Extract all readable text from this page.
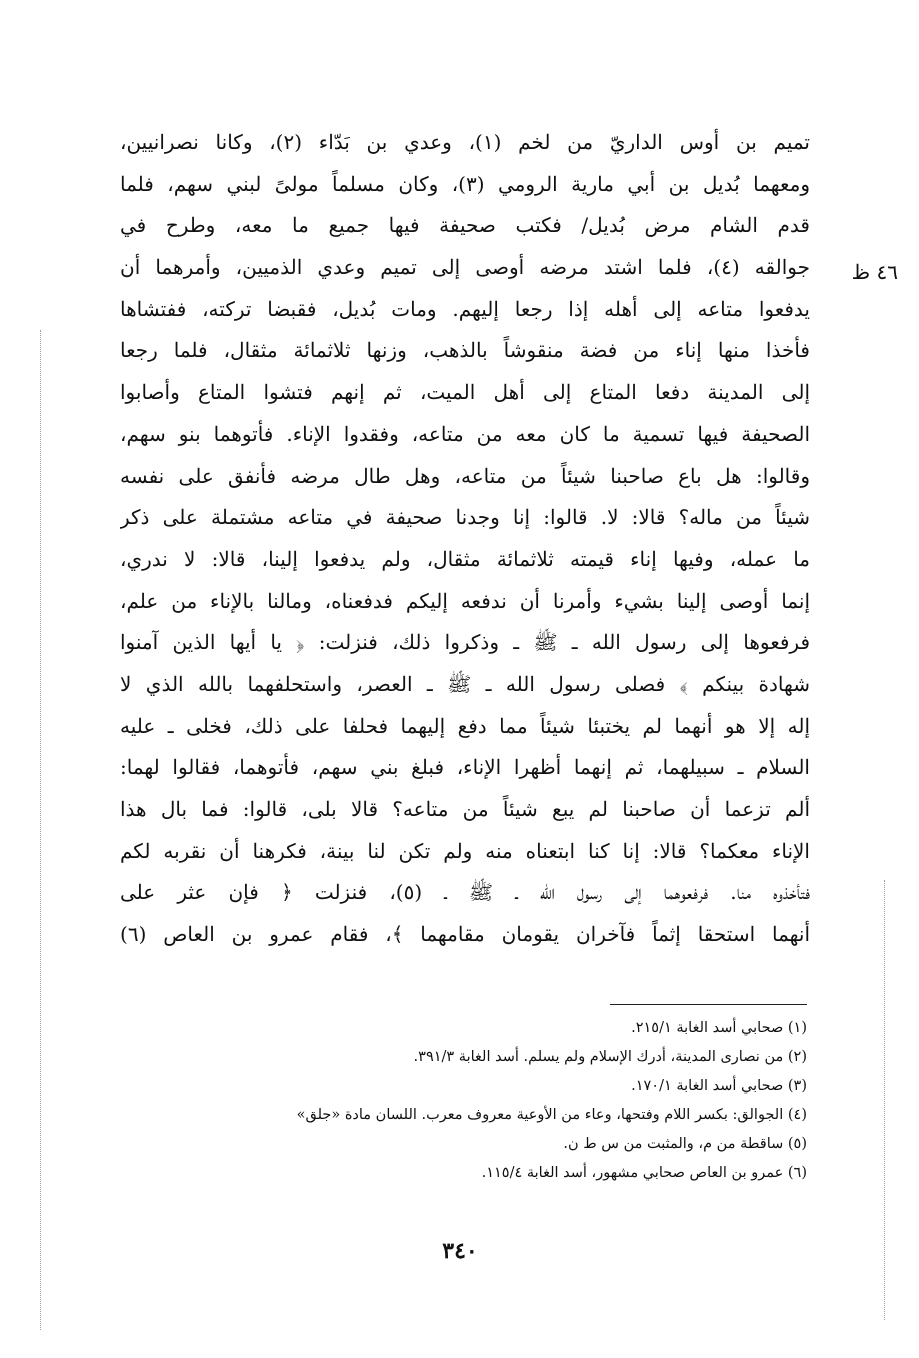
٤٦ ظ
تميم بن أوس الداريّ من لخم (١)، وعدي بن بَدّاء (٢)، وكانا نصرانيين،
ومعهما بُديل بن أبي مارية الرومي (٣)، وكان مسلماً مولىً لبني سهم، فلما
قدم الشام مرض بُديل/ فكتب صحيفة فيها جميع ما معه، وطرح في
جوالقه (٤)، فلما اشتد مرضه أوصى إلى تميم وعدي الذميين، وأمرهما أن
يدفعوا متاعه إلى أهله إذا رجعا إليهم. ومات بُديل، فقبضا تركته، ففتشاها
فأخذا منها إناء من فضة منقوشاً بالذهب، وزنها ثلاثمائة مثقال، فلما رجعا
إلى المدينة دفعا المتاع إلى أهل الميت، ثم إنهم فتشوا المتاع وأصابوا
الصحيفة فيها تسمية ما كان معه من متاعه، وفقدوا الإناء. فأتوهما بنو سهم،
وقالوا: هل باع صاحبنا شيئاً من متاعه، وهل طال مرضه فأنفق على نفسه
شيئاً من ماله؟ قالا: لا. قالوا: إنا وجدنا صحيفة في متاعه مشتملة على ذكر
ما عمله، وفيها إناء قيمته ثلاثمائة مثقال، ولم يدفعوا إلينا، قالا: لا ندري،
إنما أوصى إلينا بشيء وأمرنا أن ندفعه إليكم فدفعناه، ومالنا بالإناء من علم،
فرفعوها إلى رسول الله ـ ﷺ ـ وذكروا ذلك، فنزلت: ﴿ يا أيها الذين آمنوا
شهادة بينكم ﴾ فصلى رسول الله ـ ﷺ ـ العصر، واستحلفهما بالله الذي لا
إله إلا هو أنهما لم يختبئا شيئاً مما دفع إليهما فحلفا على ذلك، فخلى ـ عليه
السلام ـ سبيلهما، ثم إنهما أظهرا الإناء، فبلغ بني سهم، فأتوهما، فقالوا لهما:
ألم تزعما أن صاحبنا لم يبع شيئاً من متاعه؟ قالا بلى، قالوا: فما بال هذا
الإناء معكما؟ قالا: إنا كنا ابتعناه منه ولم تكن لنا بينة، فكرهنا أن نقربه لكم
فتأخذوه منا. فرفعوهما إلى رسول الله ـ ﷺ ـ (٥)، فنزلت ﴿ فإن عثر على
أنهما استحقا إثماً فآخران يقومان مقامهما ﴾، فقام عمرو بن العاص (٦)
(١) صحابي أسد الغابة ٢١٥/١.
(٢) من نصارى المدينة، أدرك الإسلام ولم يسلم. أسد الغابة ٣٩١/٣.
(٣) صحابي أسد الغابة ١٧٠/١.
(٤) الجوالق: بكسر اللام وفتحها، وعاء من الأوعية معروف معرب. اللسان مادة «جلق»
(٥) ساقطة من م، والمثبت من س ط ن.
(٦) عمرو بن العاص صحابي مشهور، أسد الغابة ١١٥/٤.
٣٤٠
